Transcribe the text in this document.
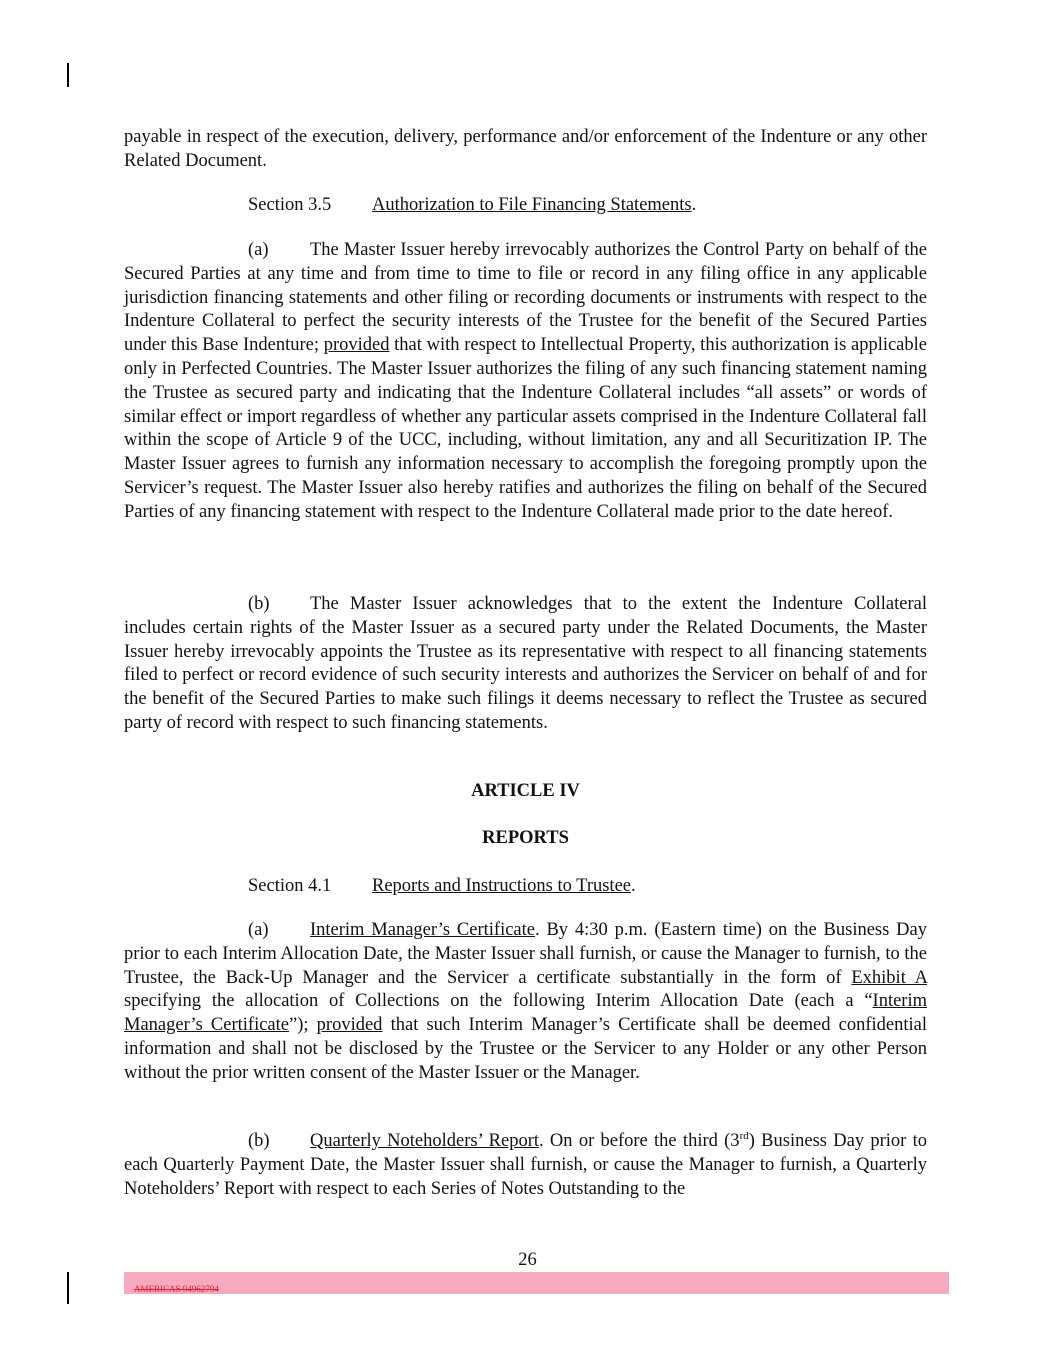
payable in respect of the execution, delivery, performance and/or enforcement of the Indenture or any other Related Document.

Section 3.5 Authorization to File Financing Statements.

(a) The Master Issuer hereby irrevocably authorizes the Control Party on behalf of the Secured Parties at any time and from time to time to file or record in any filing office in any applicable jurisdiction financing statements and other filing or recording documents or instruments with respect to the Indenture Collateral to perfect the security interests of the Trustee for the benefit of the Secured Parties under this Base Indenture; provided that with respect to Intellectual Property, this authorization is applicable only in Perfected Countries. The Master Issuer authorizes the filing of any such financing statement naming the Trustee as secured party and indicating that the Indenture Collateral includes “all assets” or words of similar effect or import regardless of whether any particular assets comprised in the Indenture Collateral fall within the scope of Article 9 of the UCC, including, without limitation, any and all Securitization IP. The Master Issuer agrees to furnish any information necessary to accomplish the foregoing promptly upon the Servicer’s request. The Master Issuer also hereby ratifies and authorizes the filing on behalf of the Secured Parties of any financing statement with respect to the Indenture Collateral made prior to the date hereof.

(b) The Master Issuer acknowledges that to the extent the Indenture Collateral includes certain rights of the Master Issuer as a secured party under the Related Documents, the Master Issuer hereby irrevocably appoints the Trustee as its representative with respect to all financing statements filed to perfect or record evidence of such security interests and authorizes the Servicer on behalf of and for the benefit of the Secured Parties to make such filings it deems necessary to reflect the Trustee as secured party of record with respect to such financing statements.

ARTICLE IV
REPORTS
Section 4.1 Reports and Instructions to Trustee.

(a) Interim Manager’s Certificate. By 4:30 p.m. (Eastern time) on the Business Day prior to each Interim Allocation Date, the Master Issuer shall furnish, or cause the Manager to furnish, to the Trustee, the Back-Up Manager and the Servicer a certificate substantially in the form of Exhibit A specifying the allocation of Collections on the following Interim Allocation Date (each a “Interim Manager’s Certificate”); provided that such Interim Manager’s Certificate shall be deemed confidential information and shall not be disclosed by the Trustee or the Servicer to any Holder or any other Person without the prior written consent of the Master Issuer or the Manager.

(b) Quarterly Noteholders’ Report. On or before the third (3rd) Business Day prior to each Quarterly Payment Date, the Master Issuer shall furnish, or cause the Manager to furnish, a Quarterly Noteholders’ Report with respect to each Series of Notes Outstanding to the

26
AMERICAS 94962794
